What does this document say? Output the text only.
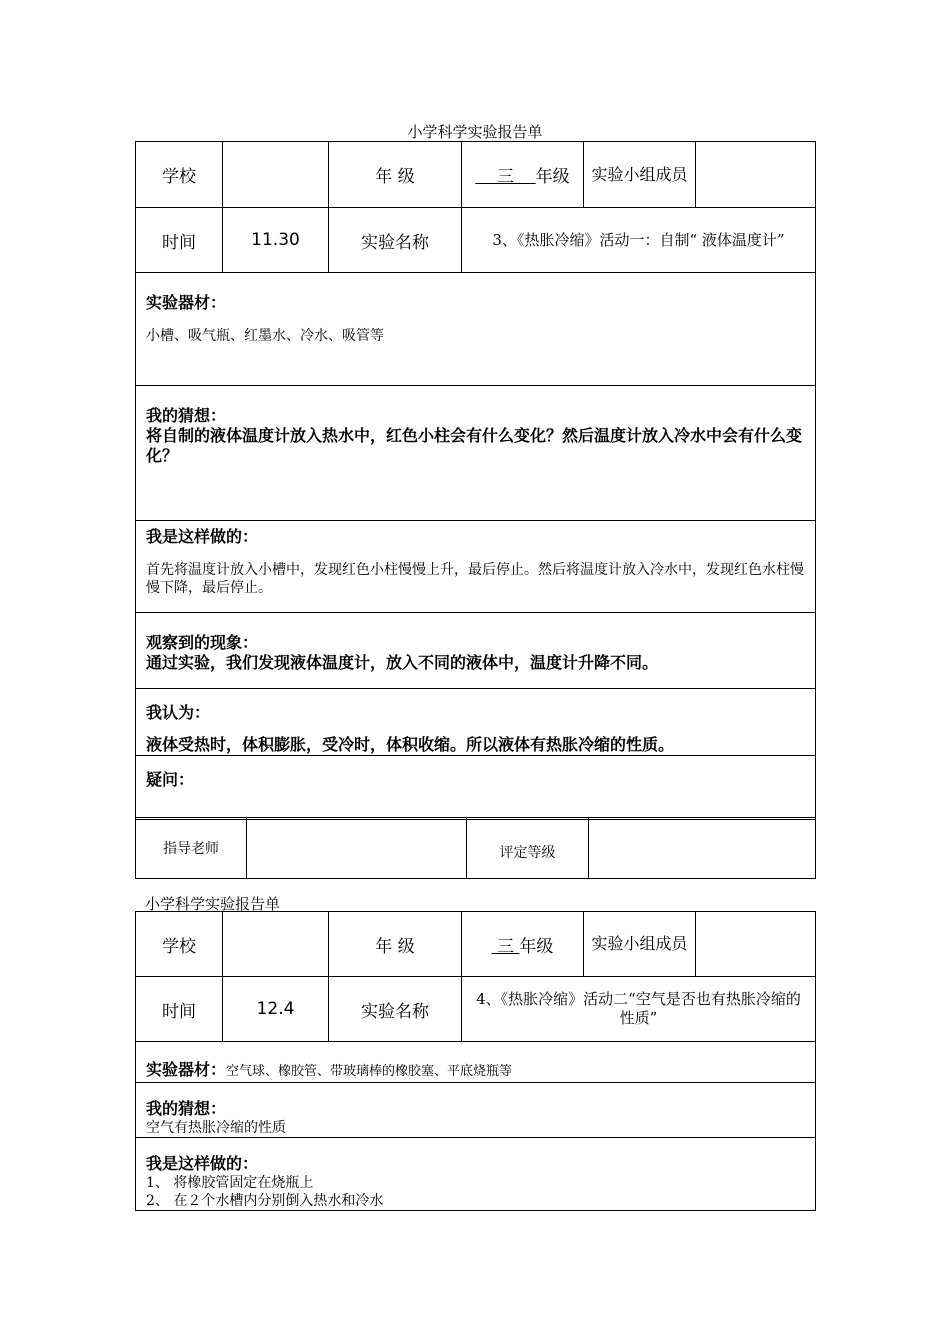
小学科学实验报告单
学校		年 级	三 年级	实验小组成员	
时间	11.30	实验名称	3、《热胀冷缩》活动一：自制“ 液体温度计”		

实验器材：
小槽、吸气瓶、红墨水、冷水、吸管等					

我的猜想：
将自制的液体温度计放入热水中，红色小柱会有什么变化？然后温度计放入冷水中会有什么变化？					

我是这样做的：
首先将温度计放入小槽中，发现红色小柱慢慢上升，最后停止。然后将温度计放入冷水中，发现红色水柱慢慢下降，最后停止。					

观察到的现象：
通过实验，我们发现液体温度计，放入不同的液体中，温度计升降不同。					

我认为：
液体受热时，体积膨胀，受冷时，体积收缩。所以液体有热胀冷缩的性质。					

疑问：					
指导老师		评定等级	
小学科学实验报告单
学校		年 级	三 年级	实验小组成员	
时间	12.4	实验名称	4、《热胀冷缩》活动二“空气是否也有热胀冷缩的性质”		

实验器材：空气球、橡胶管、带玻璃棒的橡胶塞、平底烧瓶等					

我的猜想：
空气有热胀冷缩的性质					

我是这样做的：
1、 将橡胶管固定在烧瓶上
2、 在２个水槽内分别倒入热水和冷水					
